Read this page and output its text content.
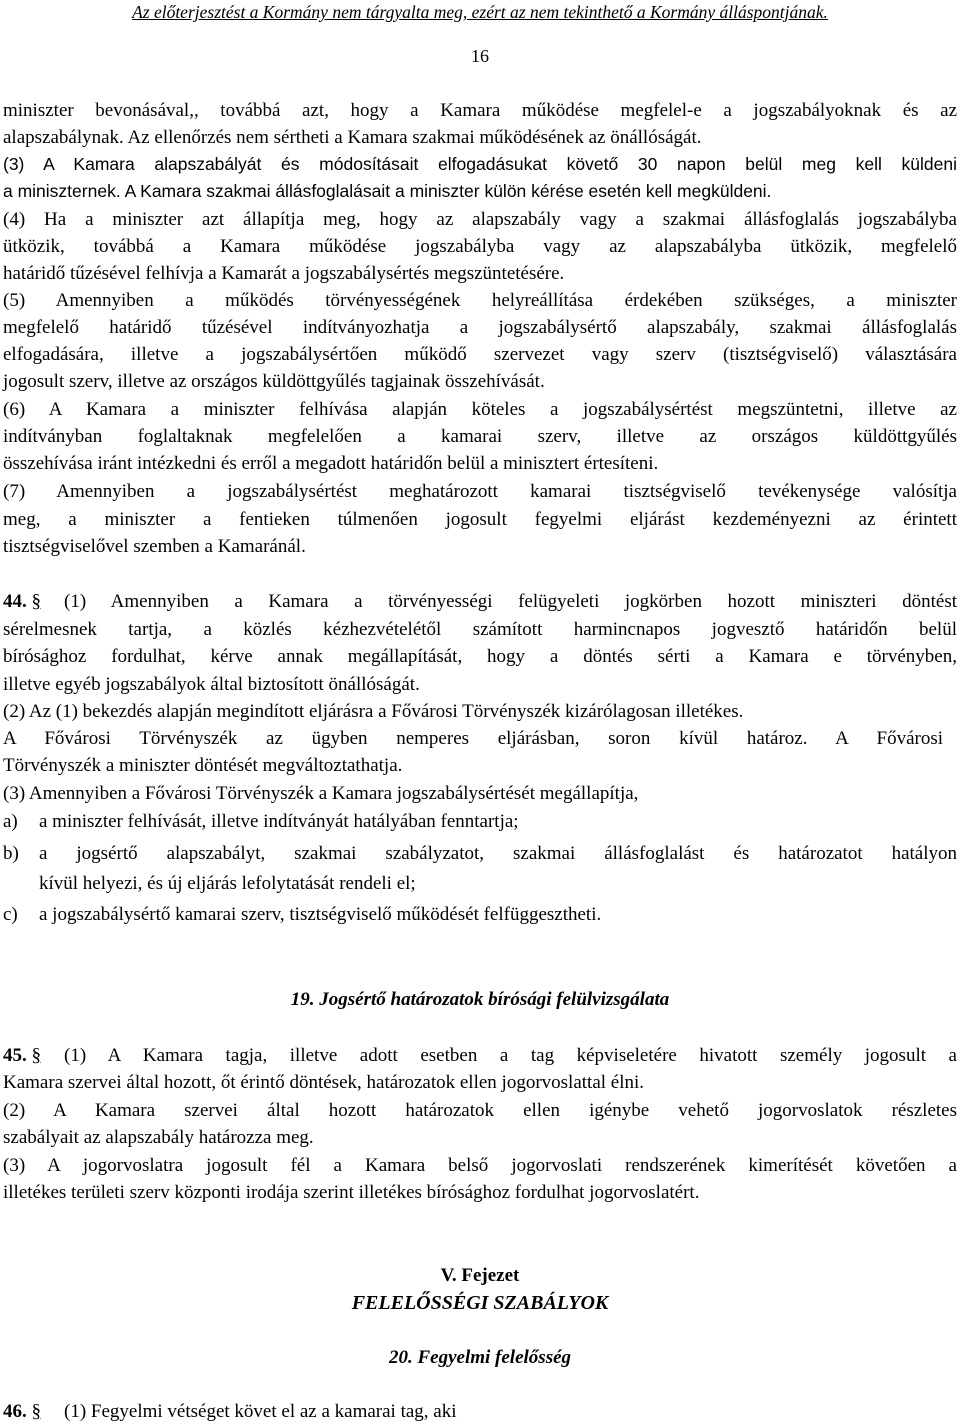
Az előterjesztést a Kormány nem tárgyalta meg, ezért az nem tekinthető a Kormány álláspontjának.
16
miniszter bevonásával,, továbbá azt, hogy a Kamara működése megfelel-e a jogszabályoknak és az
alapszabálynak. Az ellenőrzés nem sértheti a Kamara szakmai működésének az önállóságát.
(3) A Kamara alapszabályát és módosításait elfogadásukat követő 30 napon belül meg kell küldeni
a miniszternek. A Kamara szakmai állásfoglalásait a miniszter külön kérése esetén kell megküldeni.
(4) Ha a miniszter azt állapítja meg, hogy az alapszabály vagy a szakmai állásfoglalás jogszabályba
ütközik, továbbá a Kamara működése jogszabályba vagy az alapszabályba ütközik, megfelelő
határidő tűzésével felhívja a Kamarát a jogszabálysértés megszüntetésére.
(5) Amennyiben a működés törvényességének helyreállítása érdekében szükséges, a miniszter
megfelelő határidő tűzésével indítványozhatja a jogszabálysértő alapszabály, szakmai állásfoglalás
elfogadására, illetve a jogszabálysértően működő szervezet vagy szerv (tisztségviselő) választására
jogosult szerv, illetve az országos küldöttgyűlés tagjainak összehívását.
(6) A Kamara a miniszter felhívása alapján köteles a jogszabálysértést megszüntetni, illetve az
indítványban foglaltaknak megfelelően a kamarai szerv, illetve az országos küldöttgyűlés
összehívása iránt intézkedni és erről a megadott határidőn belül a minisztert értesíteni.
(7) Amennyiben a jogszabálysértést meghatározott kamarai tisztségviselő tevékenysége valósítja
meg, a miniszter a fentieken túlmenően jogosult fegyelmi eljárást kezdeményezni az érintett
tisztségviselővel szemben a Kamaránál.
44. § (1) Amennyiben a Kamara a törvényességi felügyeleti jogkörben hozott miniszteri döntést
sérelmesnek tartja, a közlés kézhezvételétől számított harmincnapos jogvesztő határidőn belül
bírósághoz fordulhat, kérve annak megállapítását, hogy a döntés sérti a Kamara e törvényben,
illetve egyéb jogszabályok által biztosított önállóságát.
(2) Az (1) bekezdés alapján megindított eljárásra a Fővárosi Törvényszék kizárólagosan illetékes.
A Fővárosi Törvényszék az ügyben nemperes eljárásban, soron kívül határoz. A Fővárosi
Törvényszék a miniszter döntését megváltoztathatja.
(3) Amennyiben a Fővárosi Törvényszék a Kamara jogszabálysértését megállapítja,
a) a miniszter felhívását, illetve indítványát hatályában fenntartja;
b) a jogsértő alapszabályt, szakmai szabályzatot, szakmai állásfoglalást és határozatot hatályon
kívül helyezi, és új eljárás lefolytatását rendeli el;
c) a jogszabálysértő kamarai szerv, tisztségviselő működését felfüggesztheti.
19. Jogsértő határozatok bírósági felülvizsgálata
45. § (1) A Kamara tagja, illetve adott esetben a tag képviseletére hivatott személy jogosult a
Kamara szervei által hozott, őt érintő döntések, határozatok ellen jogorvoslattal élni.
(2) A Kamara szervei által hozott határozatok ellen igénybe vehető jogorvoslatok részletes
szabályait az alapszabály határozza meg.
(3) A jogorvoslatra jogosult fél a Kamara belső jogorvoslati rendszerének kimerítését követően a
illetékes területi szerv központi irodája szerint illetékes bírósághoz fordulhat jogorvoslatért.
V. Fejezet
FELELŐSSÉGI SZABÁLYOK
20. Fegyelmi felelősség
46. § (1) Fegyelmi vétséget követ el az a kamarai tag, aki
